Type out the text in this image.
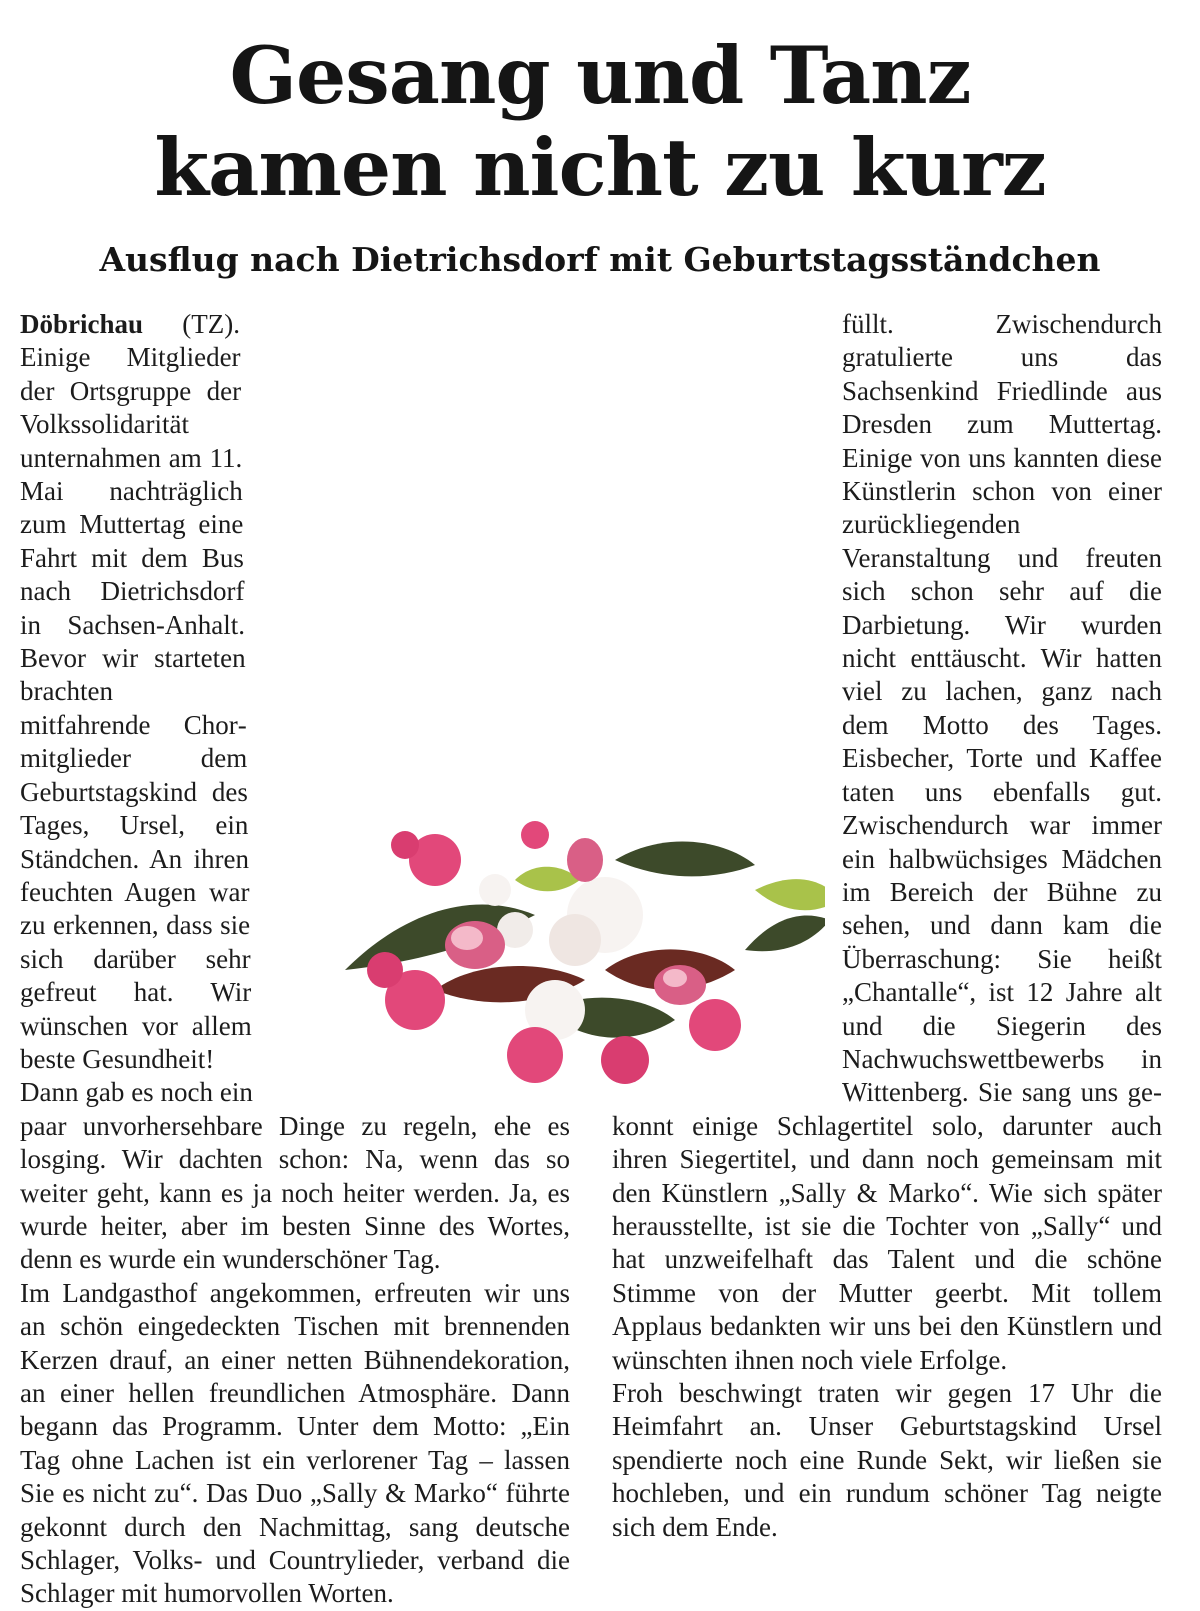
Gesang und Tanz
kamen nicht zu kurz
Ausflug nach Dietrichsdorf mit Geburtstagsständchen

Döbrichau (TZ). Einige Mitglieder der Ortsgruppe der Volkssolidarität unternahmen am 11. Mai nachträglich zum Muttertag eine Fahrt mit dem Bus nach Dietrichsdorf in Sachsen-Anhalt. Bevor wir starteten brachten mitfahrende Chormitglieder dem Geburtstagskind des Tages, Ursel, ein Ständchen. An ihren feuchten Augen war zu erkennen, dass sie sich darüber sehr gefreut hat. Wir wünschen vor allem beste Gesundheit!

Dann gab es noch ein paar unvorhersehbare Dinge zu regeln, ehe es losging. Wir dachten schon: Na, wenn das so weiter geht, kann es ja noch heiter werden. Ja, es wurde heiter, aber im besten Sinne des Wortes, denn es wurde ein wunderschöner Tag.

Im Landgasthof angekommen, erfreuten wir uns an schön eingedeckten Tischen mit brennenden Kerzen drauf, an einer netten Bühnendekoration, an einer hellen freundlichen Atmosphäre. Dann begann das Programm. Unter dem Motto: „Ein Tag ohne Lachen ist ein verlorener Tag – lassen Sie es nicht zu“. Das Duo „Sally & Marko“ führte gekonnt durch den Nachmittag, sang deutsche Schlager, Volks- und Countrylieder, verband die Schlager mit humorvollen Worten.

füllt. Zwischendurch gratulierte uns das Sachsenkind Friedlinde aus Dresden zum Muttertag. Einige von uns kannten diese Künstlerin schon von einer zurückliegenden Veranstaltung und freuten sich schon sehr auf die Darbietung. Wir wurden nicht enttäuscht. Wir hatten viel zu lachen, ganz nach dem Motto des Tages. Eisbecher, Torte und Kaffee taten uns ebenfalls gut. Zwischendurch war immer ein halbwüchsiges Mädchen im Bereich der Bühne zu sehen, und dann kam die Überraschung: Sie heißt „Chantalle“, ist 12 Jahre alt und die Siegerin des Nachwuchswettbewerbs in Wittenberg. Sie sang uns gekonnt einige Schlagertitel solo, darunter auch ihren Siegertitel, und dann noch gemeinsam mit den Künstlern „Sally & Marko“. Wie sich später herausstellte, ist sie die Tochter von „Sally“ und hat unzweifelhaft das Talent und die schöne Stimme von der Mutter geerbt. Mit tollem Applaus bedankten wir uns bei den Künstlern und wünschten ihnen noch viele Erfolge.

Froh beschwingt traten wir gegen 17 Uhr die Heimfahrt an. Unser Geburtstagskind Ursel spendierte noch eine Runde Sekt, wir ließen sie hochleben, und ein rundum schöner Tag neigte sich dem Ende.
